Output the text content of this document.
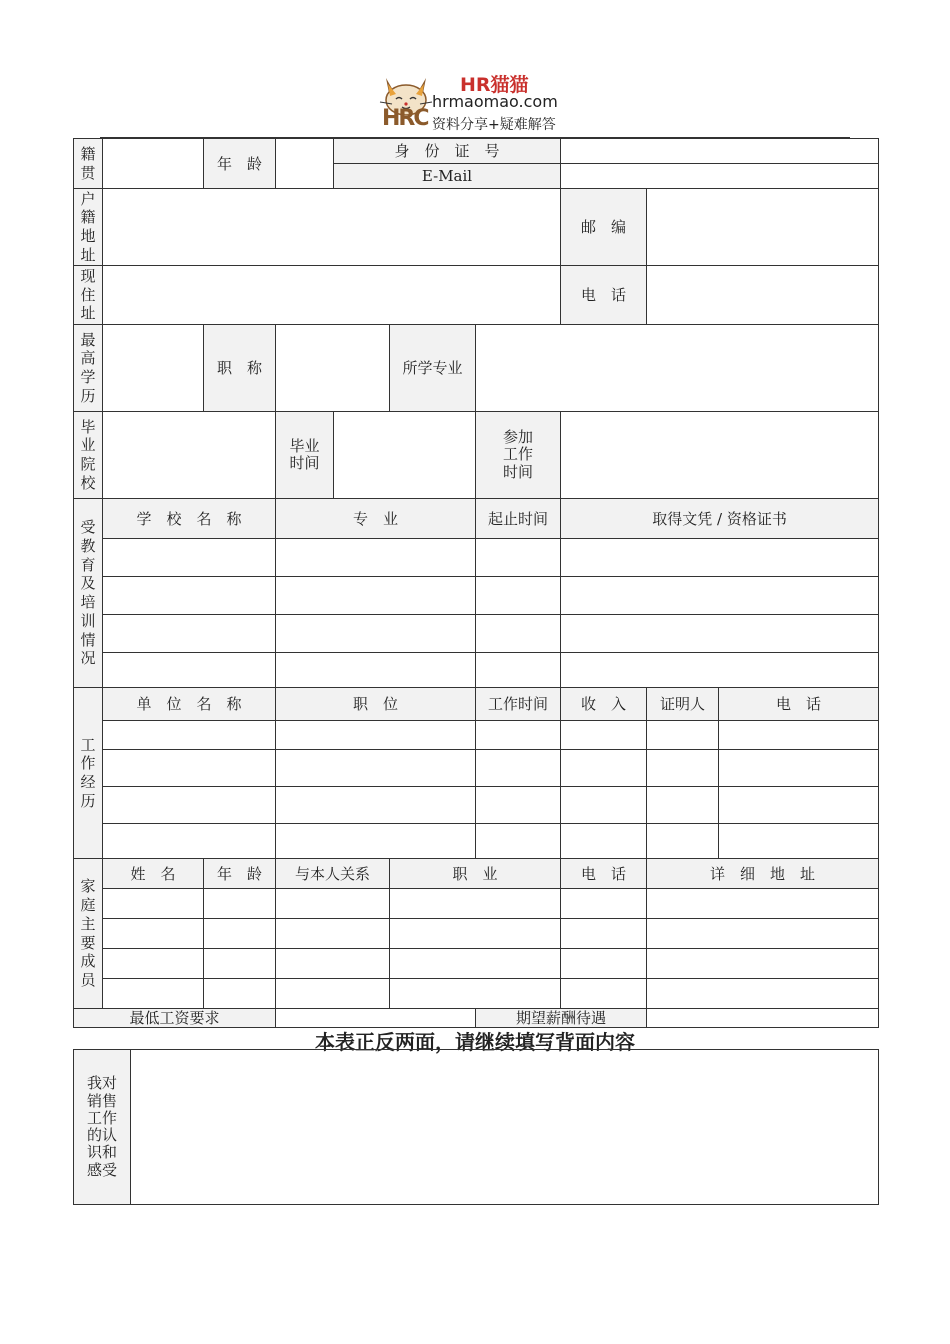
HRC
HR猫猫
hrmaomao.com
资料分享+疑难解答
籍贯		年　龄		身　份　证　号					
				E-Mail					
户籍地址							邮　编		
现住址							电　话		
最高学历		职　称			所学专业				
毕业院校			毕业时间			参加工作时间			
受教育及培训情况	学　校　名　称		专　业			起止时间	取得文凭 / 资格证书		

工作经历	单　位　名　称		职　位			工作时间	收　入	证明人	电　话

家庭主要成员	姓　名	年　龄	与本人关系		职　业		电　话	详　细　地　址	

最低工资要求						期望薪酬待遇			
本表正反两面，请继续填写背面内容
我对销售工作的认识和感受	
